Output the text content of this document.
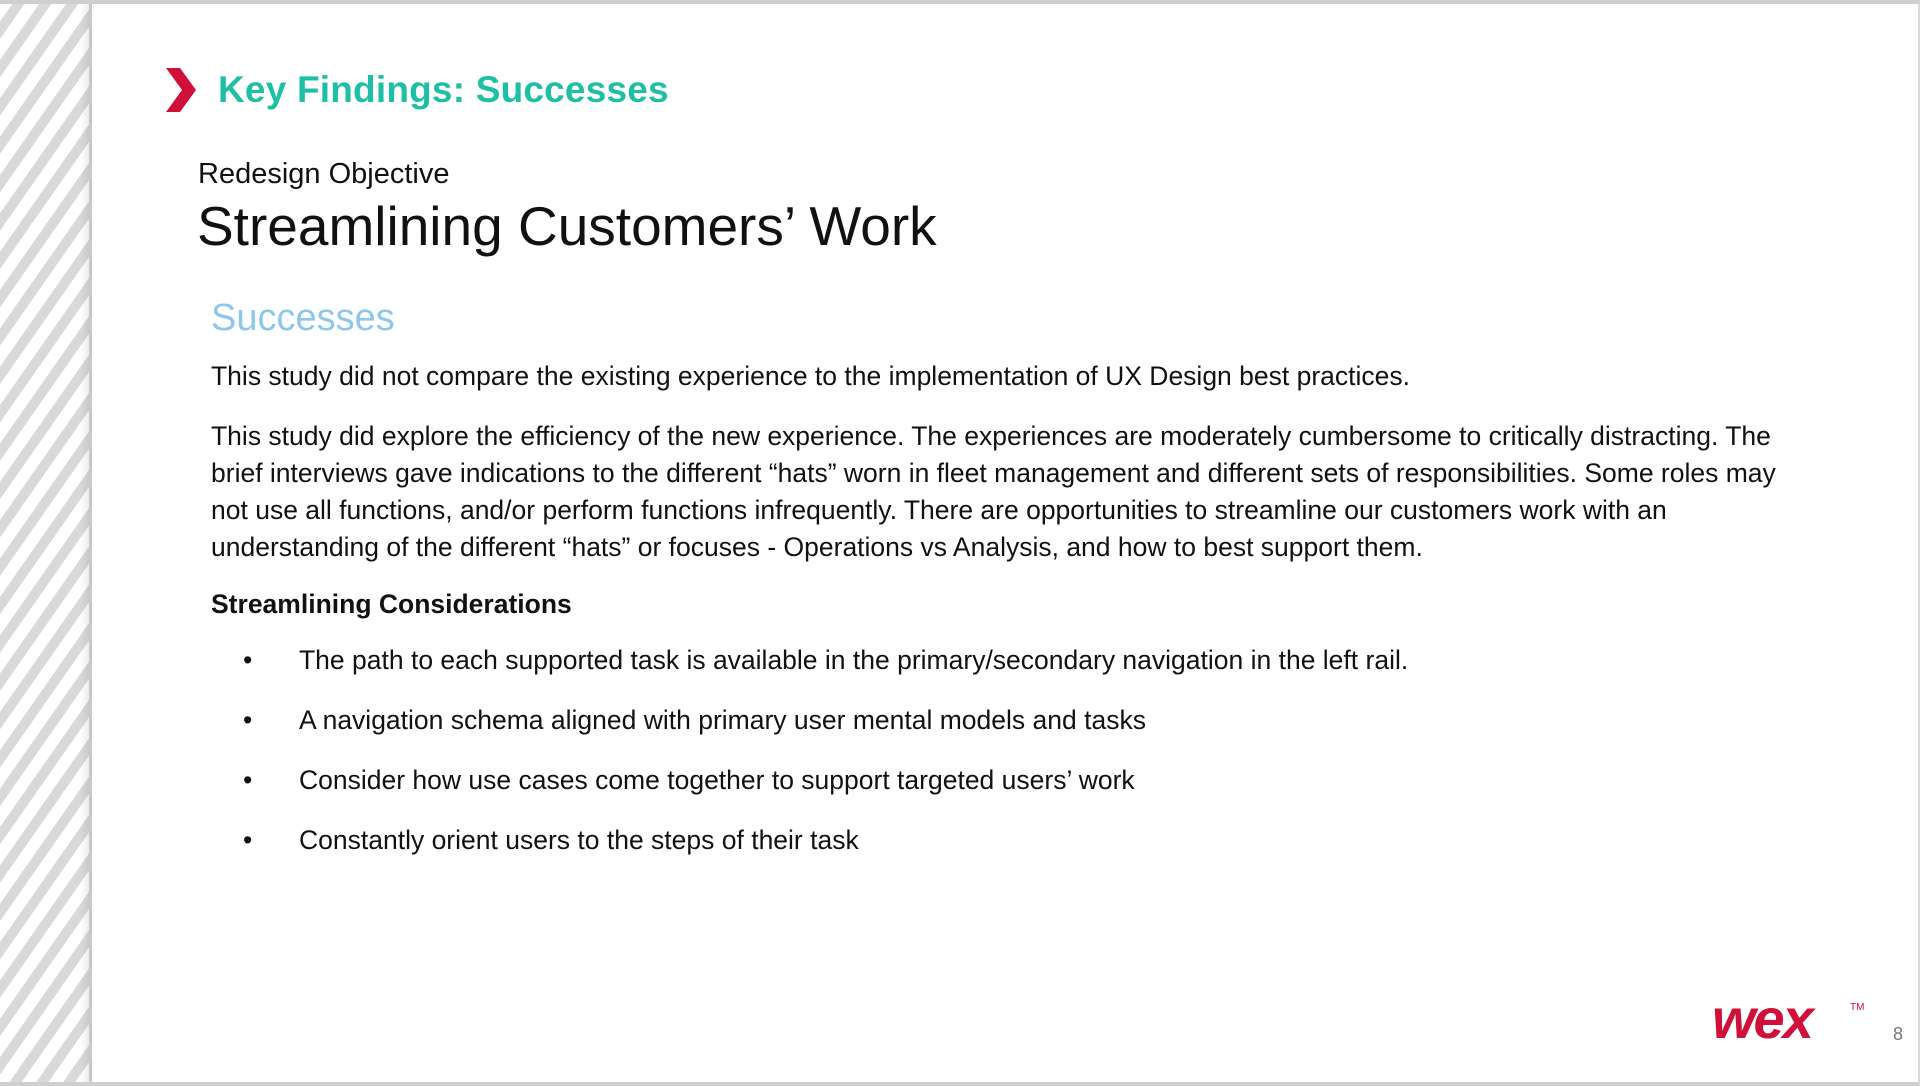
Key Findings: Successes
Redesign Objective
Streamlining Customers’ Work
Successes

This study did not compare the existing experience to the implementation of UX Design best practices.

This study did explore the efficiency of the new experience. The experiences are moderately cumbersome to critically distracting. The brief interviews gave indications to the different “hats” worn in fleet management and different sets of responsibilities. Some roles may not use all functions, and/or perform functions infrequently. There are opportunities to streamline our customers work with an understanding of the different “hats” or focuses - Operations vs Analysis, and how to best support them.

Streamlining Considerations
• The path to each supported task is available in the primary/secondary navigation in the left rail.
• A navigation schema aligned with primary user mental models and tasks
• Consider how use cases come together to support targeted users’ work
• Constantly orient users to the steps of their task
wex	TM
8
